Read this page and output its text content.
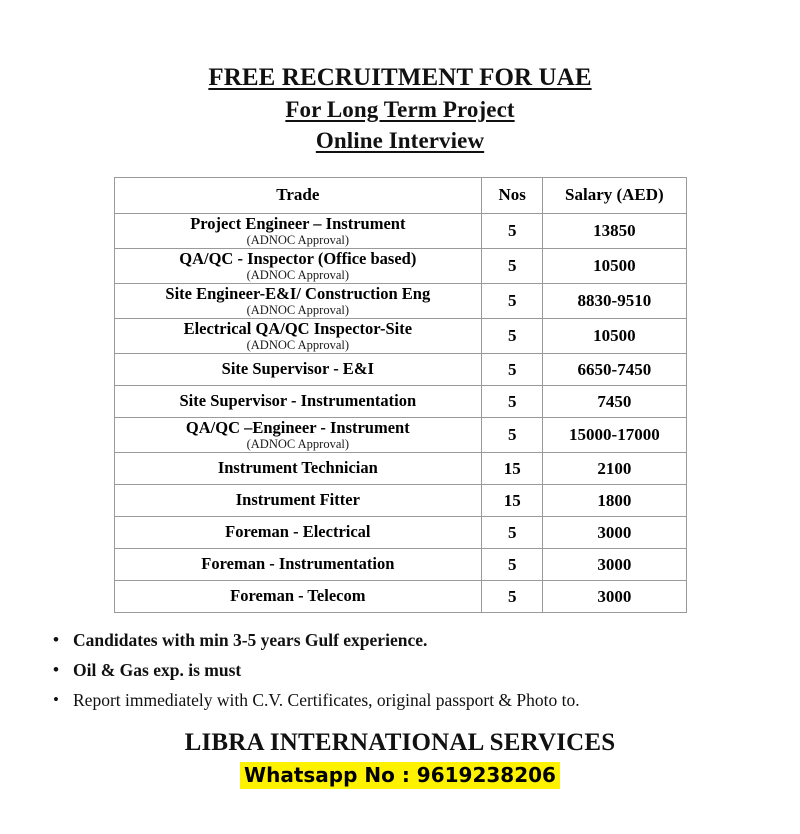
FREE RECRUITMENT FOR UAE
For Long Term Project
Online Interview
Trade	Nos	Salary (AED)
Project Engineer – Instrument
(ADNOC Approval)	5	13850
QA/QC - Inspector (Office based)
(ADNOC Approval)	5	10500
Site Engineer-E&I/ Construction Eng
(ADNOC Approval)	5	8830-9510
Electrical QA/QC Inspector-Site
(ADNOC Approval)	5	10500
Site Supervisor - E&I	5	6650-7450
Site Supervisor - Instrumentation	5	7450
QA/QC –Engineer - Instrument
(ADNOC Approval)	5	15000-17000
Instrument Technician	15	2100
Instrument Fitter	15	1800
Foreman - Electrical	5	3000
Foreman - Instrumentation	5	3000
Foreman - Telecom	5	3000
• Candidates with min 3-5 years Gulf experience.
• Oil & Gas exp. is must
• Report immediately with C.V. Certificates, original passport & Photo to.
LIBRA INTERNATIONAL SERVICES
Whatsapp No : 9619238206
